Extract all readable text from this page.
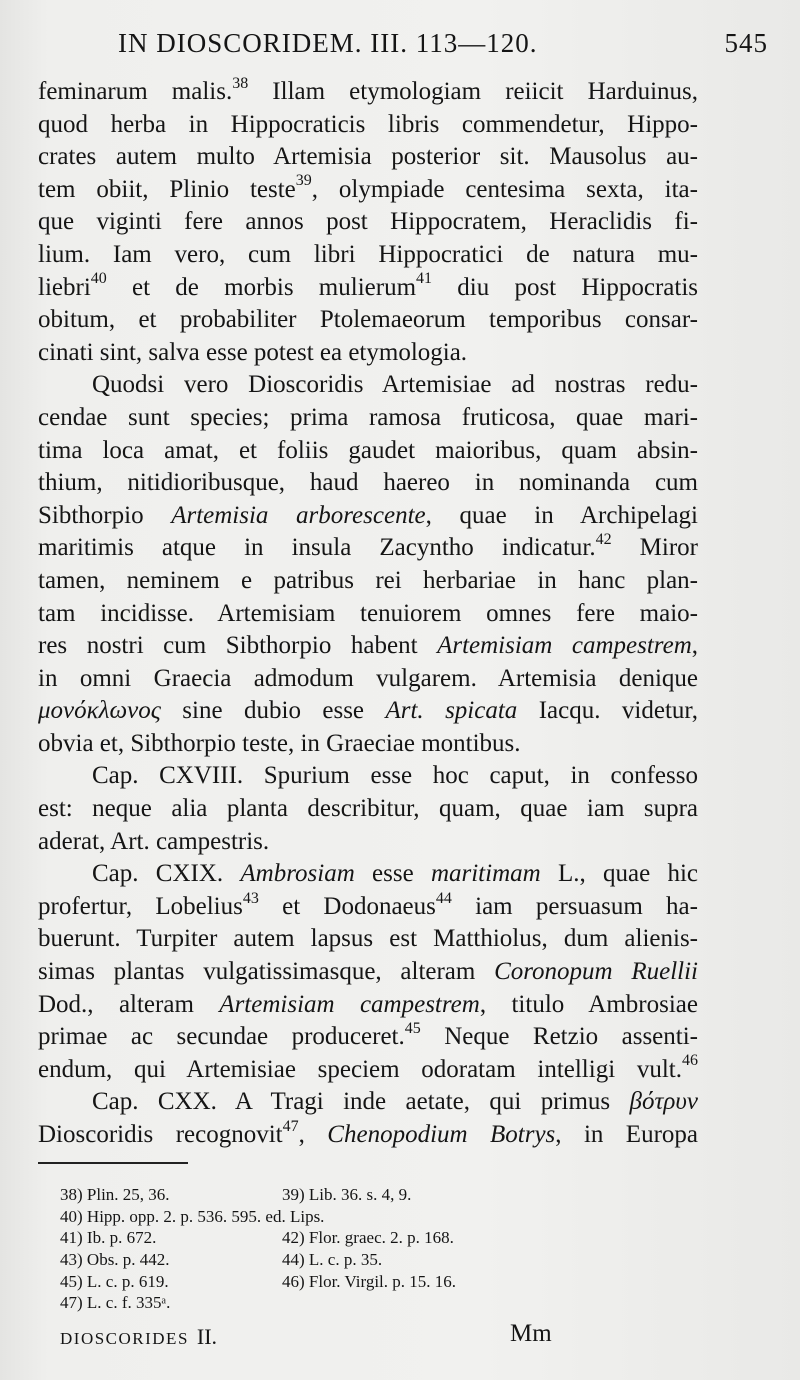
IN DIOSCORIDEM. III. 113—120.	545
feminarum malis.$^{38}$ Illam etymologiam reiicit Harduinus,
quod herba in Hippocraticis libris commendetur, Hippo-
crates autem multo Artemisia posterior sit. Mausolus au-
tem obiit, Plinio teste$^{39}$, olympiade centesima sexta, ita-
que viginti fere annos post Hippocratem, Heraclidis fi-
lium. Iam vero, cum libri Hippocratici de natura mu-
liebri$^{40}$ et de morbis mulierum$^{41}$ diu post Hippocratis
obitum, et probabiliter Ptolemaeorum temporibus consar-
cinati sint, salva esse potest ea etymologia.
Quodsi vero Dioscoridis Artemisiae ad nostras redu-
cendae sunt species; prima ramosa fruticosa, quae mari-
tima loca amat, et foliis gaudet maioribus, quam absin-
thium, nitidioribusque, haud haereo in nominanda cum
Sibthorpio Artemisia arborescente, quae in Archipelagi
maritimis atque in insula Zacyntho indicatur.$^{42}$ Miror
tamen, neminem e patribus rei herbariae in hanc plan-
tam incidisse. Artemisiam tenuiorem omnes fere maio-
res nostri cum Sibthorpio habent Artemisiam campestrem,
in omni Graecia admodum vulgarem. Artemisia denique
μονόκλωνος sine dubio esse Art. spicata Iacqu. videtur,
obvia et, Sibthorpio teste, in Graeciae montibus.
Cap. CXVIII. Spurium esse hoc caput, in confesso
est: neque alia planta describitur, quam, quae iam supra
aderat, Art. campestris.
Cap. CXIX. Ambrosiam esse maritimam L., quae hic
profertur, Lobelius$^{43}$ et Dodonaeus$^{44}$ iam persuasum ha-
buerunt. Turpiter autem lapsus est Matthiolus, dum alienis-
simas plantas vulgatissimasque, alteram Coronopum Ruellii
Dod., alteram Artemisiam campestrem, titulo Ambrosiae
primae ac secundae produceret.$^{45}$ Neque Retzio assenti-
endum, qui Artemisiae speciem odoratam intelligi vult.$^{46}$
Cap. CXX. A Tragi inde aetate, qui primus βότρυν
Dioscoridis recognovit$^{47}$, Chenopodium Botrys, in Europa
38) Plin. 25, 36.	39) Lib. 36. s. 4, 9.
40) Hipp. opp. 2. p. 536. 595. ed. Lips.
41) Ib. p. 672.	42) Flor. graec. 2. p. 168.
43) Obs. p. 442.	44) L. c. p. 35.
45) L. c. p. 619.	46) Flor. Virgil. p. 15. 16.
47) L. c. f. 335ᵃ.
DIOSCORIDES II.	Mm
